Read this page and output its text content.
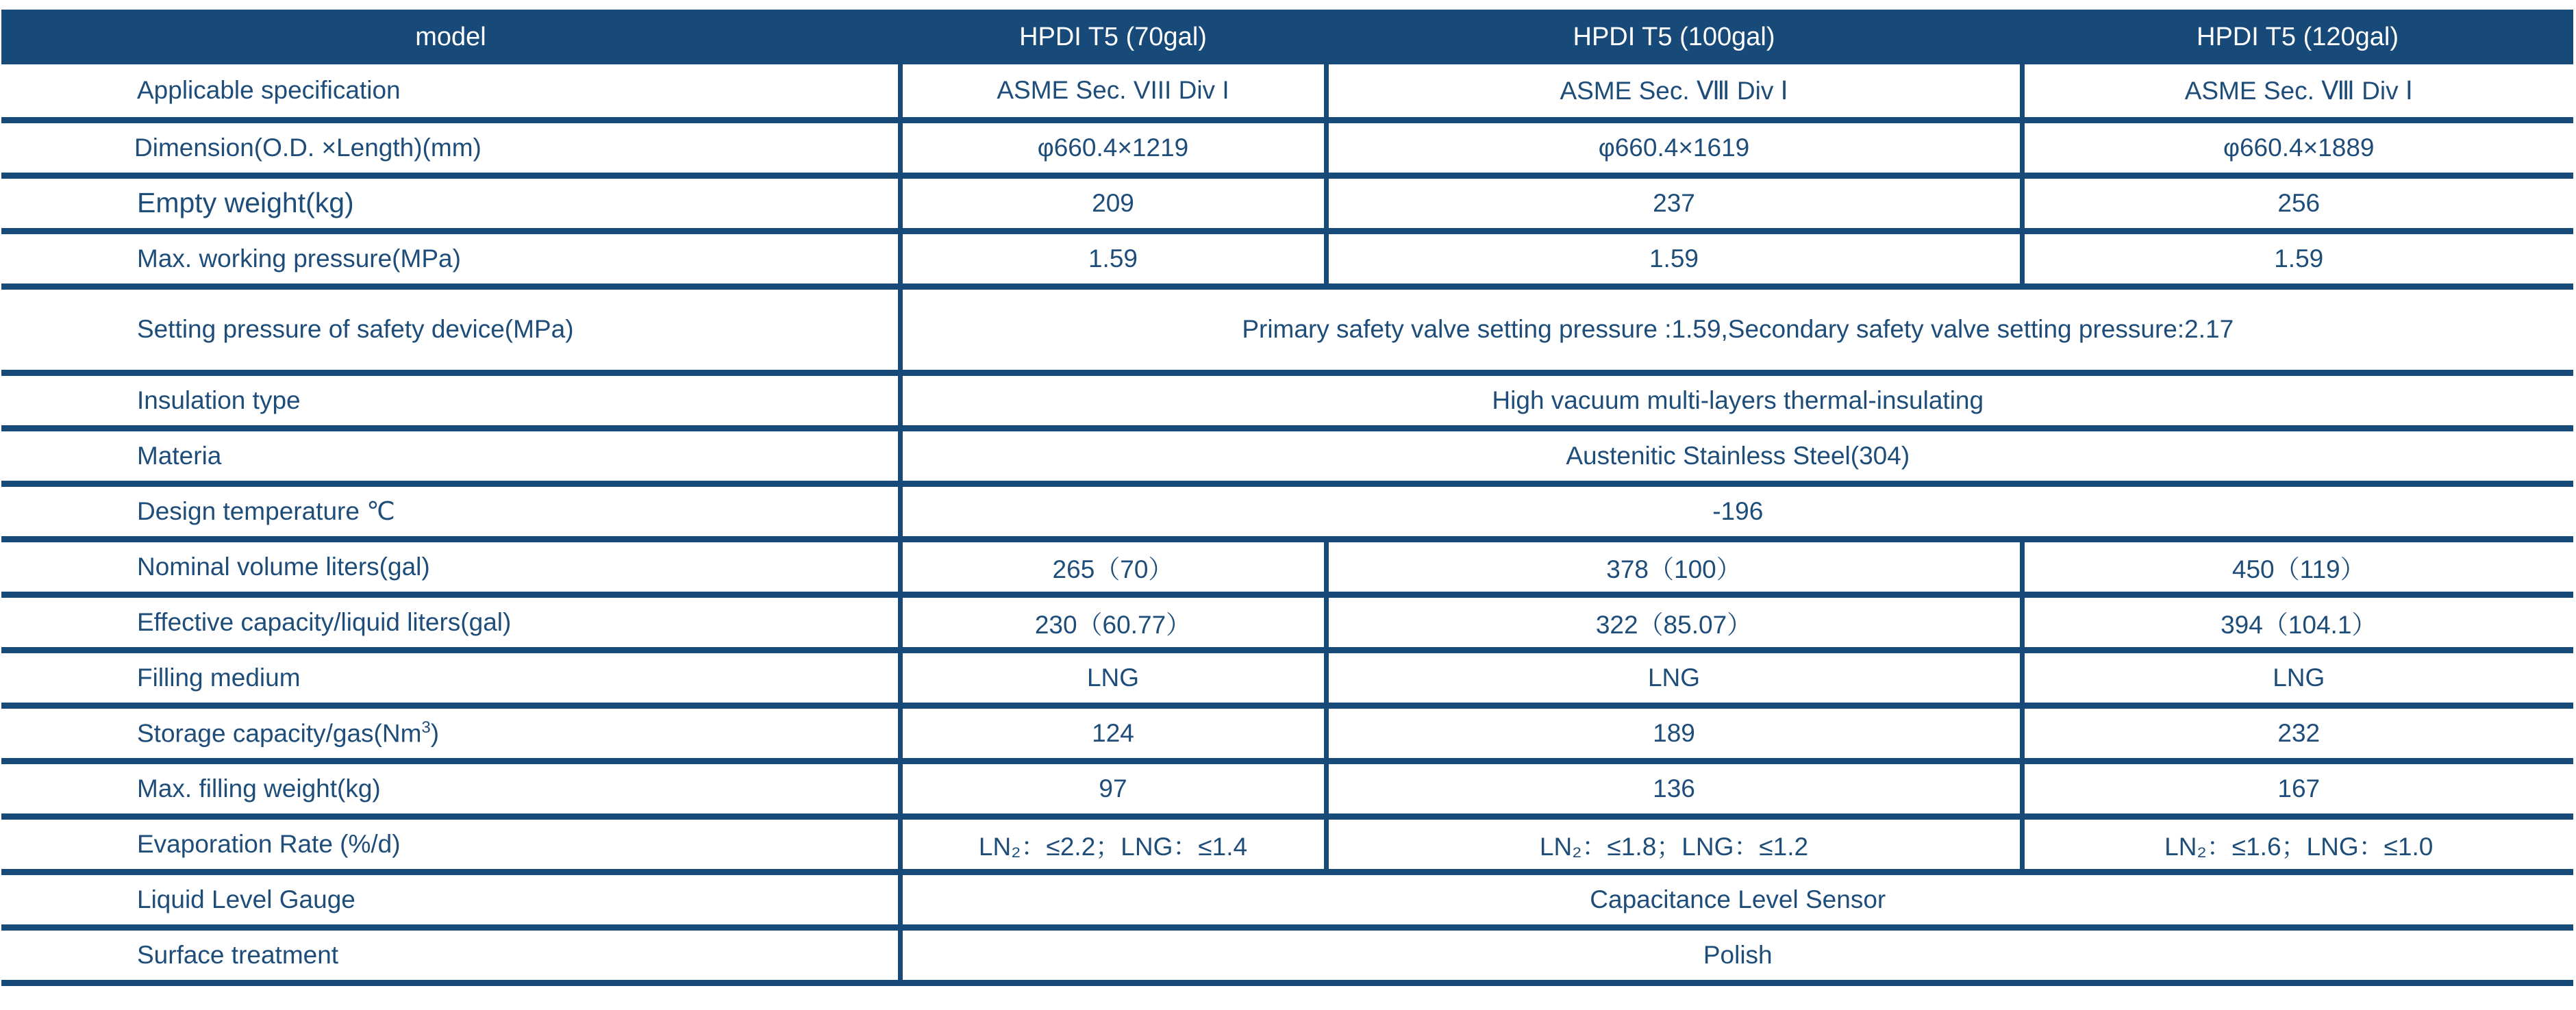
model	HPDI T5 (70gal)	HPDI T5 (100gal)	HPDI T5 (120gal)
Applicable specification	ASME Sec. VIII Div I	ASME Sec. Ⅷ Div Ⅰ	ASME Sec. Ⅷ Div Ⅰ
Dimension(O.D. ×Length)(mm)	φ660.4×1219	φ660.4×1619	φ660.4×1889
Empty weight(kg)	209	237	256
Max. working pressure(MPa)	1.59	1.59	1.59
Setting pressure of safety device(MPa)	Primary safety valve setting pressure :1.59,Secondary safety valve setting pressure:2.17		
Insulation type	High vacuum multi-layers thermal-insulating		
Materia	Austenitic Stainless Steel(304)		
Design temperature ℃	-196		
Nominal volume liters(gal)	265（70）	378（100）	450（119）
Effective capacity/liquid liters(gal)	230（60.77）	322（85.07）	394（104.1）
Filling medium	LNG	LNG	LNG
Storage capacity/gas(Nm$^3$)	124	189	232
Max. filling weight(kg)	97	136	167
Evaporation Rate (%/d)	LN₂：≤2.2；LNG：≤1.4	LN₂：≤1.8；LNG：≤1.2	LN₂：≤1.6；LNG：≤1.0
Liquid Level Gauge	Capacitance Level Sensor		
Surface treatment	Polish		
